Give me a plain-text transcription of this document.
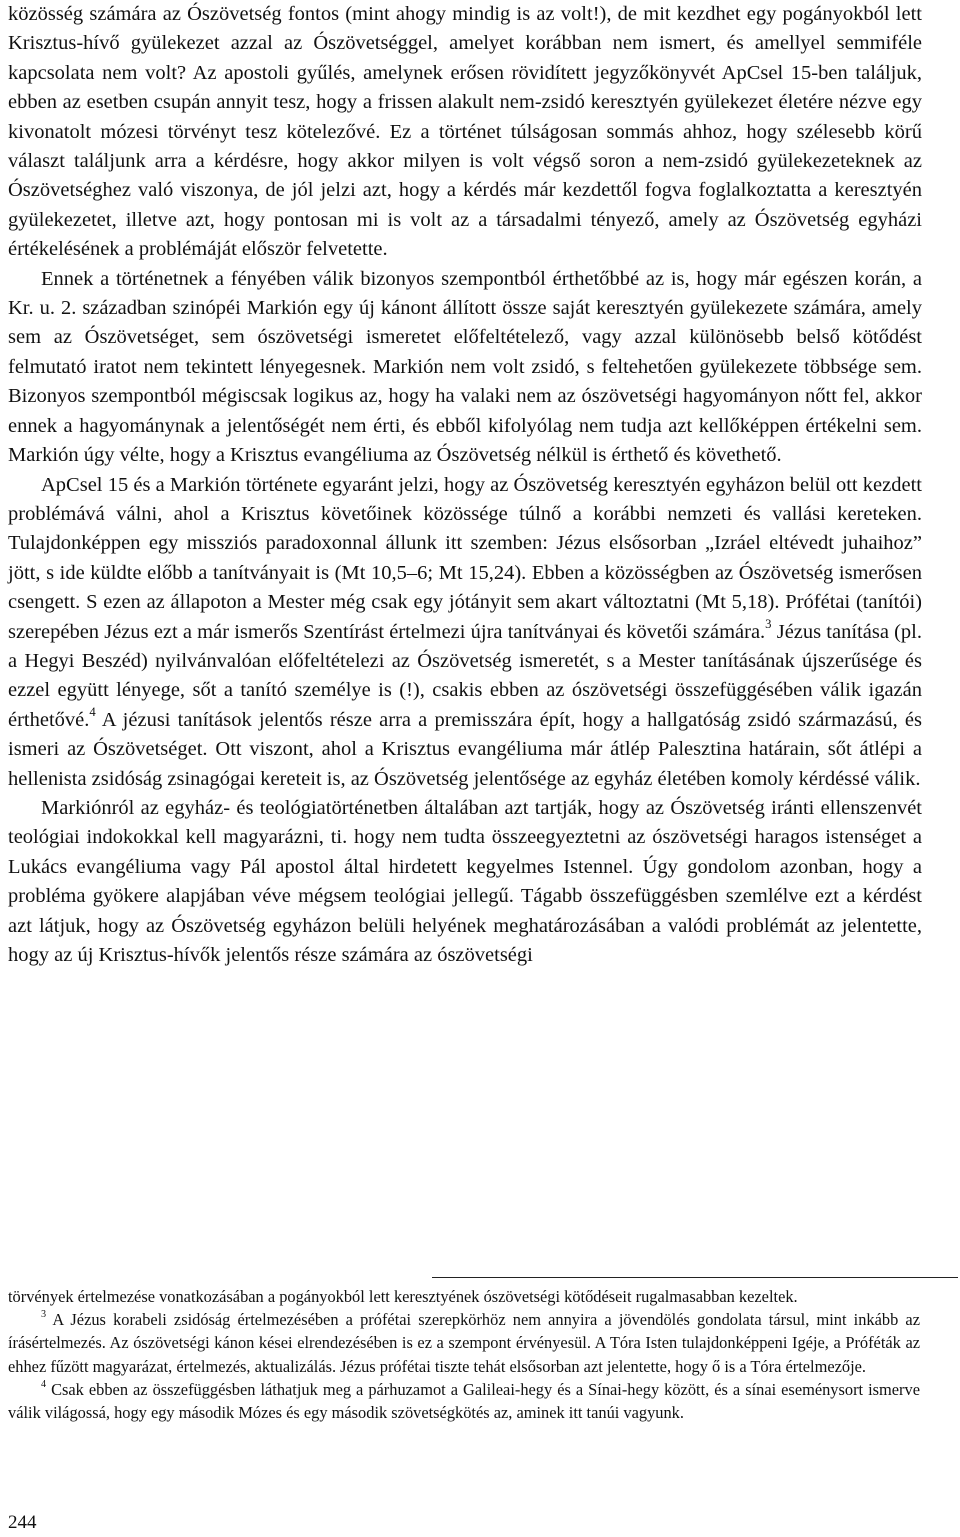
közösség számára az Ószövetség fontos (mint ahogy mindig is az volt!), de mit kezdhet egy pogányokból lett Krisztus-hívő gyülekezet azzal az Ószövetséggel, amelyet korábban nem ismert, és amellyel semmiféle kapcsolata nem volt? Az apostoli gyűlés, amelynek erősen rövidített jegyzőkönyvét ApCsel 15-ben találjuk, ebben az esetben csupán annyit tesz, hogy a frissen alakult nem-zsidó keresztyén gyülekezet életére nézve egy kivonatolt mózesi törvényt tesz kötelezővé. Ez a történet túlságosan sommás ahhoz, hogy szélesebb körű választ találjunk arra a kérdésre, hogy akkor milyen is volt végső soron a nem-zsidó gyülekezeteknek az Ószövetséghez való viszonya, de jól jelzi azt, hogy a kérdés már kezdettől fogva foglalkoztatta a keresztyén gyülekezetet, illetve azt, hogy pontosan mi is volt az a társadalmi tényező, amely az Ószövetség egyházi értékelésének a problémáját először felvetette.

Ennek a történetnek a fényében válik bizonyos szempontból érthetőbbé az is, hogy már egészen korán, a Kr. u. 2. században szinópéi Markión egy új kánont állított össze saját keresztyén gyülekezete számára, amely sem az Ószövetséget, sem ószövetségi ismeretet előfeltételező, vagy azzal különösebb belső kötődést felmutató iratot nem tekintett lényegesnek. Markión nem volt zsidó, s feltehetően gyülekezete többsége sem. Bizonyos szempontból mégiscsak logikus az, hogy ha valaki nem az ószövetségi hagyományon nőtt fel, akkor ennek a hagyománynak a jelentőségét nem érti, és ebből kifolyólag nem tudja azt kellőképpen értékelni sem. Markión úgy vélte, hogy a Krisztus evangéliuma az Ószövetség nélkül is érthető és követhető.

ApCsel 15 és a Markión története egyaránt jelzi, hogy az Ószövetség keresztyén egyházon belül ott kezdett problémává válni, ahol a Krisztus követőinek közössége túlnő a korábbi nemzeti és vallási kereteken. Tulajdonképpen egy missziós paradoxonnal állunk itt szemben: Jézus elsősorban „Izráel eltévedt juhaihoz” jött, s ide küldte előbb a tanítványait is (Mt 10,5–6; Mt 15,24). Ebben a közösségben az Ószövetség ismerősen csengett. S ezen az állapoton a Mester még csak egy jótányit sem akart változtatni (Mt 5,18). Prófétai (tanítói) szerepében Jézus ezt a már ismerős Szentírást értelmezi újra tanítványai és követői számára.$^3$ Jézus tanítása (pl. a Hegyi Beszéd) nyilvánvalóan előfeltételezi az Ószövetség ismeretét, s a Mester tanításának újszerűsége és ezzel együtt lényege, sőt a tanító személye is (!), csakis ebben az ószövetségi összefüggésében válik igazán érthetővé.$^4$ A jézusi tanítások jelentős része arra a premisszára épít, hogy a hallgatóság zsidó származású, és ismeri az Ószövetséget. Ott viszont, ahol a Krisztus evangéliuma már átlép Palesztina határain, sőt átlépi a hellenista zsidóság zsinagógai kereteit is, az Ószövetség jelentősége az egyház életében komoly kérdéssé válik.

Markiónról az egyház- és teológiatörténetben általában azt tartják, hogy az Ószövetség iránti ellenszenvét teológiai indokokkal kell magyarázni, ti. hogy nem tudta összeegyeztetni az ószövetségi haragos istenséget a Lukács evangéliuma vagy Pál apostol által hirdetett kegyelmes Istennel. Úgy gondolom azonban, hogy a probléma gyökere alapjában véve mégsem teológiai jellegű. Tágabb összefüggésben szemlélve ezt a kérdést azt látjuk, hogy az Ószövetség egyházon belüli helyének meghatározásában a valódi problémát az jelentette, hogy az új Krisztus-hívők jelentős része számára az ószövetségi

törvények értelmezése vonatkozásában a pogányokból lett keresztyének ószövetségi kötődéseit rugalmasabban kezeltek.

$^3$ A Jézus korabeli zsidóság értelmezésében a prófétai szerepkörhöz nem annyira a jövendölés gondolata társul, mint inkább az írásértelmezés. Az ószövetségi kánon kései elrendezésében is ez a szempont érvényesül. A Tóra Isten tulajdonképpeni Igéje, a Próféták az ehhez fűzött magyarázat, értelmezés, aktualizálás. Jézus prófétai tiszte tehát elsősorban azt jelentette, hogy ő is a Tóra értelmezője.

$^4$ Csak ebben az összefüggésben láthatjuk meg a párhuzamot a Galileai-hegy és a Sínai-hegy között, és a sínai eseménysort ismerve válik világossá, hogy egy második Mózes és egy második szövetségkötés az, aminek itt tanúi vagyunk.

244
